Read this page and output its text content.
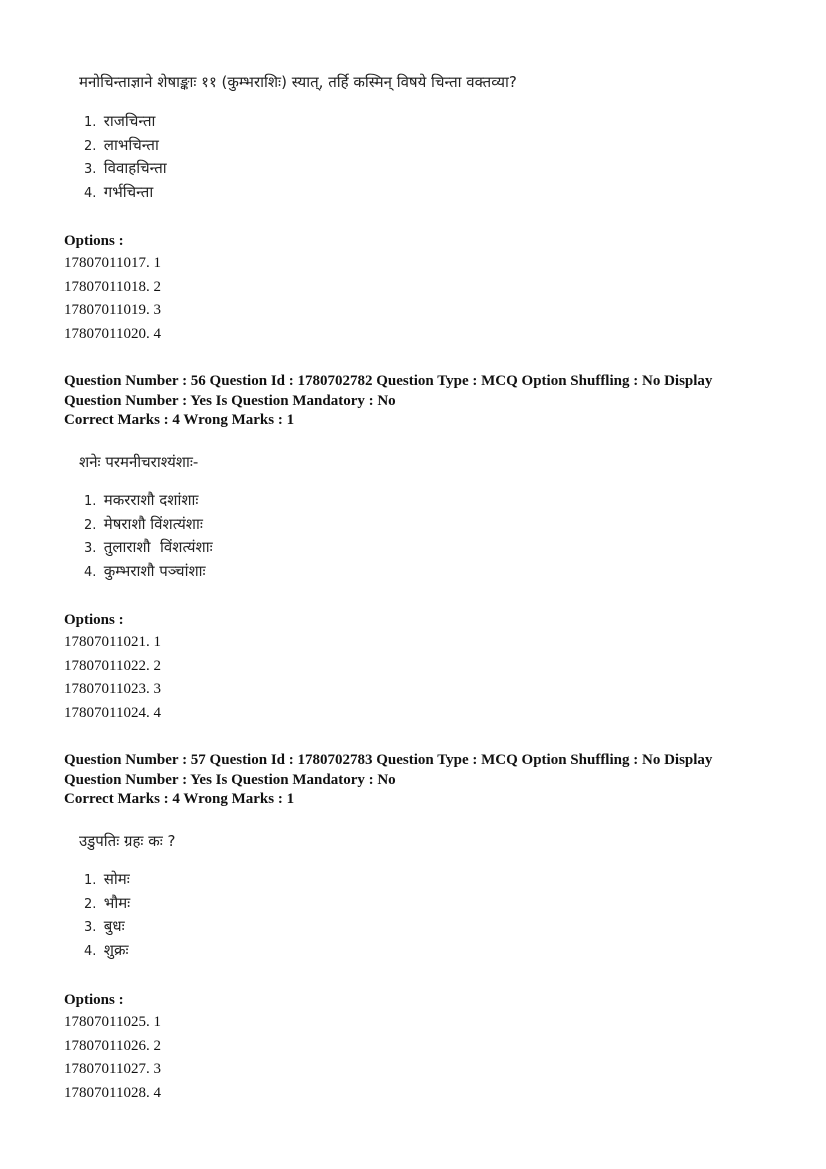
मनोचिन्ताज्ञाने शेषाङ्काः ११ (कुम्भराशिः) स्यात्, तर्हि कस्मिन् विषये चिन्ता वक्तव्या?
1. राजचिन्ता
2. लाभचिन्ता
3. विवाहचिन्ता
4. गर्भचिन्ता
Options :
17807011017. 1
17807011018. 2
17807011019. 3
17807011020. 4
Question Number : 56 Question Id : 1780702782 Question Type : MCQ Option Shuffling : No Display
Question Number : Yes Is Question Mandatory : No
Correct Marks : 4 Wrong Marks : 1
शनेः परमनीचराश्यंशाः-
1. मकरराशौ दशांशाः
2. मेषराशौ विंशत्यंशाः
3. तुलाराशौ  विंशत्यंशाः
4. कुम्भराशौ पञ्चांशाः
Options :
17807011021. 1
17807011022. 2
17807011023. 3
17807011024. 4
Question Number : 57 Question Id : 1780702783 Question Type : MCQ Option Shuffling : No Display
Question Number : Yes Is Question Mandatory : No
Correct Marks : 4 Wrong Marks : 1
उडुपतिः ग्रहः कः ?
1. सोमः
2. भौमः
3. बुधः
4. शुक्रः
Options :
17807011025. 1
17807011026. 2
17807011027. 3
17807011028. 4
